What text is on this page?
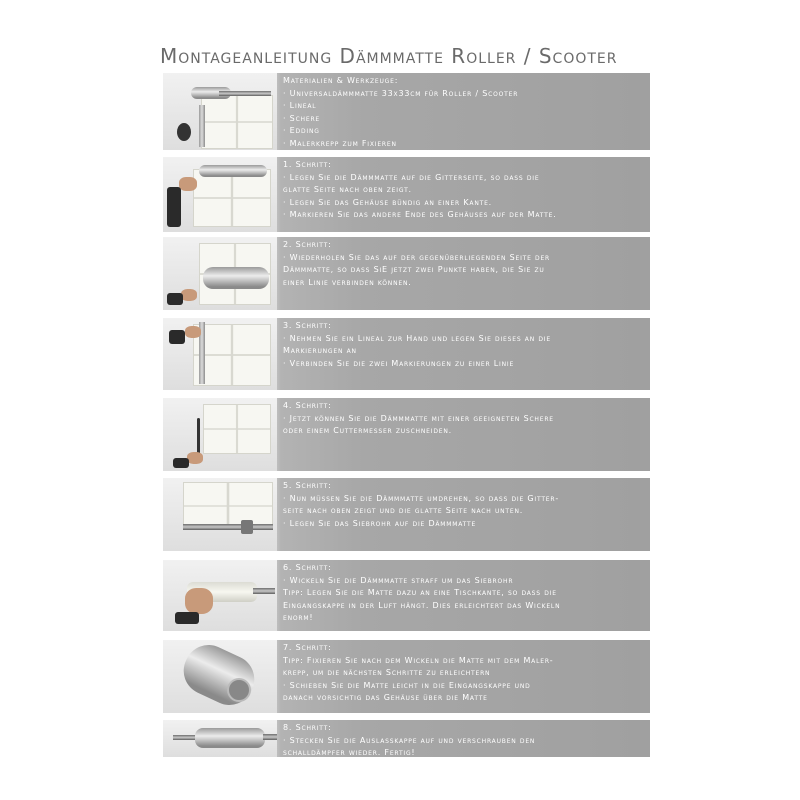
Montageanleitung Dämmmatte Roller / Scooter
Materialien & Werkzeuge:
· Universaldämmmatte 33x33cm für Roller / Scooter
· Lineal
· Schere
· Edding
· Malerkrepp zum Fixieren
1. Schritt:
· Legen Sie die Dämmmatte auf die Gitterseite, so dass die
glatte Seite nach oben zeigt.
· Legen Sie das Gehäuse bündig an einer Kante.
· Markieren Sie das andere Ende des Gehäuses auf der Matte.
2. Schritt:
· Wiederholen Sie das auf der gegenüberliegenden Seite der
Dämmmatte, so dass SiE jetzt zwei Punkte haben, die Sie zu
einer Linie verbinden können.
3. Schritt:
· Nehmen Sie ein Lineal zur Hand und legen Sie dieses an die
Markierungen an
· Verbinden Sie die zwei Markierungen zu einer Linie
4. Schritt:
· Jetzt können Sie die Dämmmatte mit einer geeigneten Schere
oder einem Cuttermesser zuschneiden.
5. Schritt:
· Nun müssen Sie die Dämmmatte umdrehen, so dass die Gitter-
seite nach oben zeigt und die glatte Seite nach unten.
· Legen Sie das Siebrohr auf die Dämmmatte
6. Schritt:
· Wickeln Sie die Dämmmatte straff um das Siebrohr
Tipp: Legen Sie die Matte dazu an eine Tischkante, so dass die
Eingangskappe in der Luft hängt. Dies erleichtert das Wickeln
enorm!
7. Schritt:
Tipp: Fixieren Sie nach dem Wickeln die Matte mit dem Maler-
krepp, um die nächsten Schritte zu erleichtern
· Schieben Sie die Matte leicht in die Eingangskappe und
danach vorsichtig das Gehäuse über die Matte
8. Schritt:
· Stecken Sie die Auslasskappe auf und verschrauben den
schalldämpfer wieder. Fertig!
